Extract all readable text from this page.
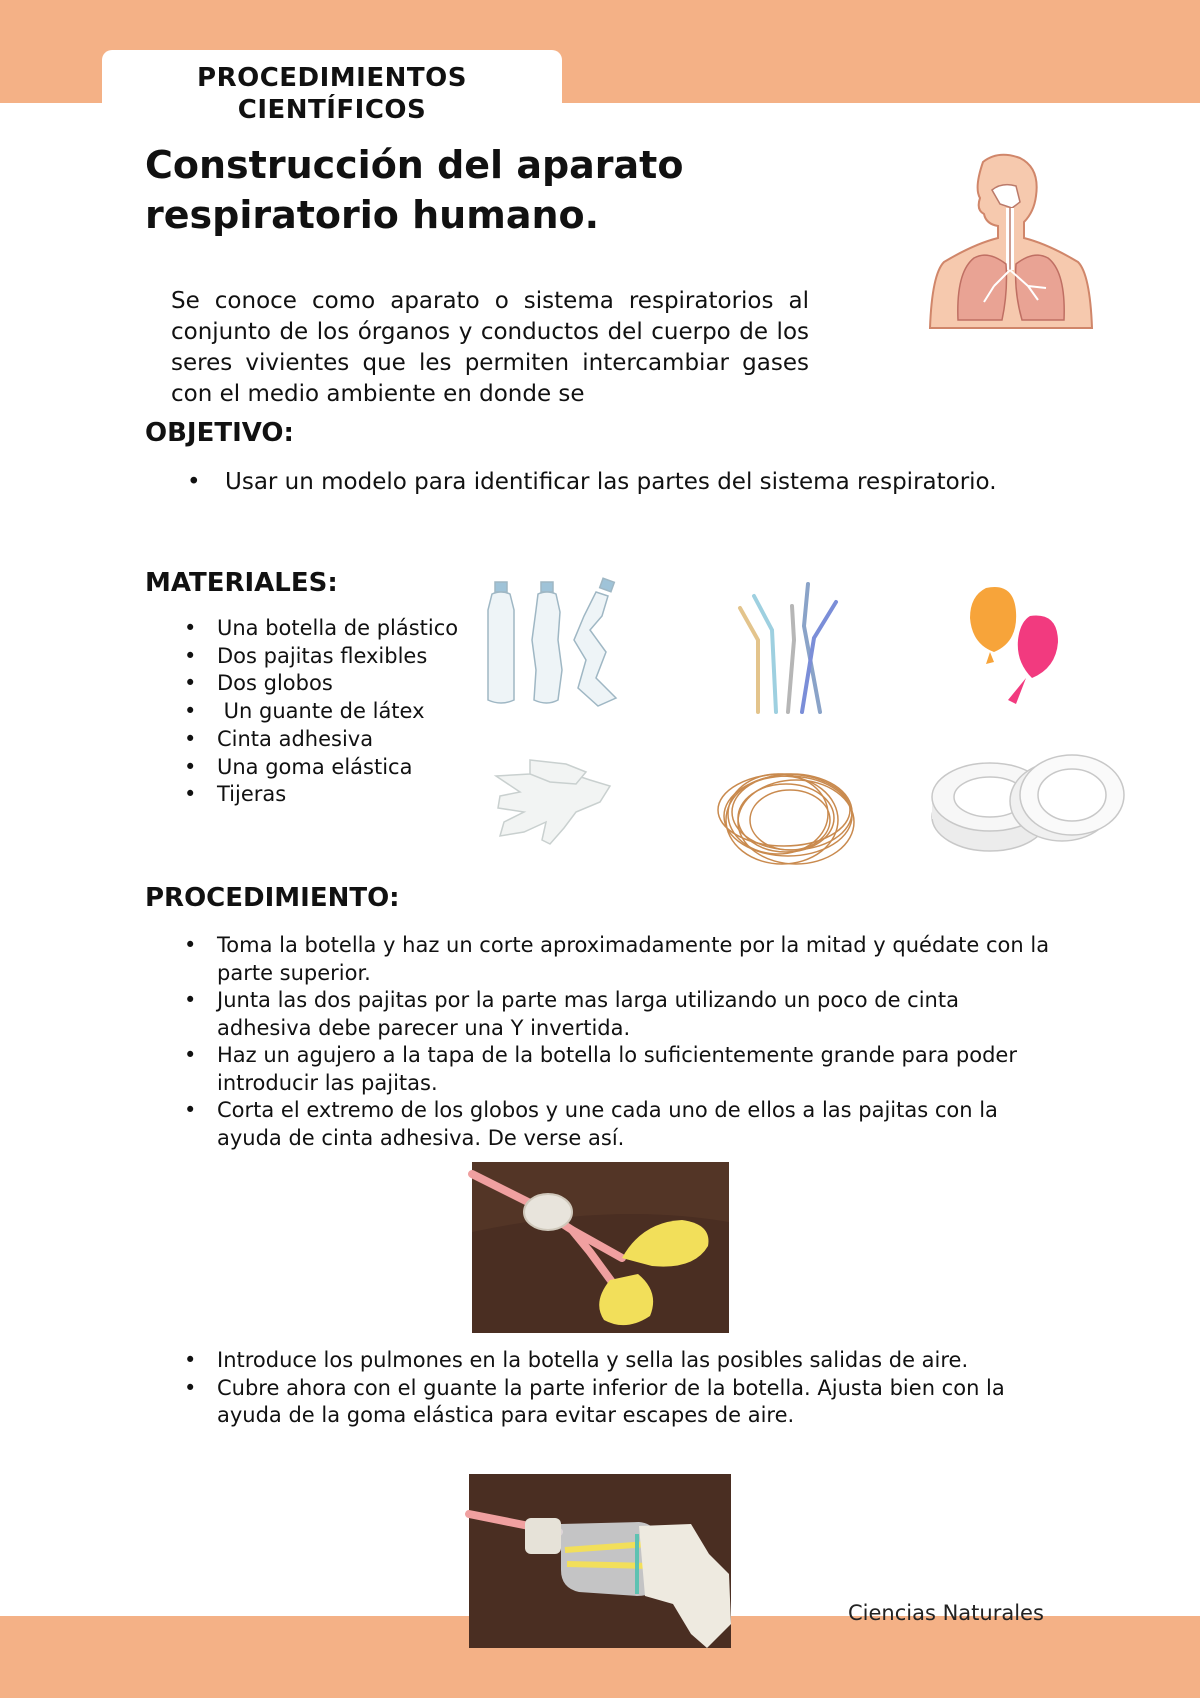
PROCEDIMIENTOS CIENTÍFICOS
Construcción del aparato respiratorio humano.

Se conoce como aparato o sistema respiratorios al conjunto de los órganos y conductos del cuerpo de los seres vivientes que les permiten intercambiar gases con el medio ambiente en donde se

OBJETIVO:
• Usar un modelo para identificar las partes del sistema respiratorio.
MATERIALES:
• Una botella de plástico
• Dos pajitas flexibles
• Dos globos
• Un guante de látex
• Cinta adhesiva
• Una goma elástica
• Tijeras
PROCEDIMIENTO:
• Toma la botella y haz un corte aproximadamente por la mitad y quédate con la parte superior.
• Junta las dos pajitas por la parte mas larga utilizando un poco de cinta adhesiva debe parecer una Y invertida.
• Haz un agujero a la tapa de la botella lo suficientemente grande para poder introducir las pajitas.
• Corta el extremo de los globos y une cada uno de ellos a las pajitas con la ayuda de cinta adhesiva. De verse así.
• Introduce los pulmones en la botella y sella las posibles salidas de aire.
• Cubre ahora con el guante la parte inferior de la botella. Ajusta bien con la ayuda de la goma elástica para evitar escapes de aire.
Ciencias Naturales
